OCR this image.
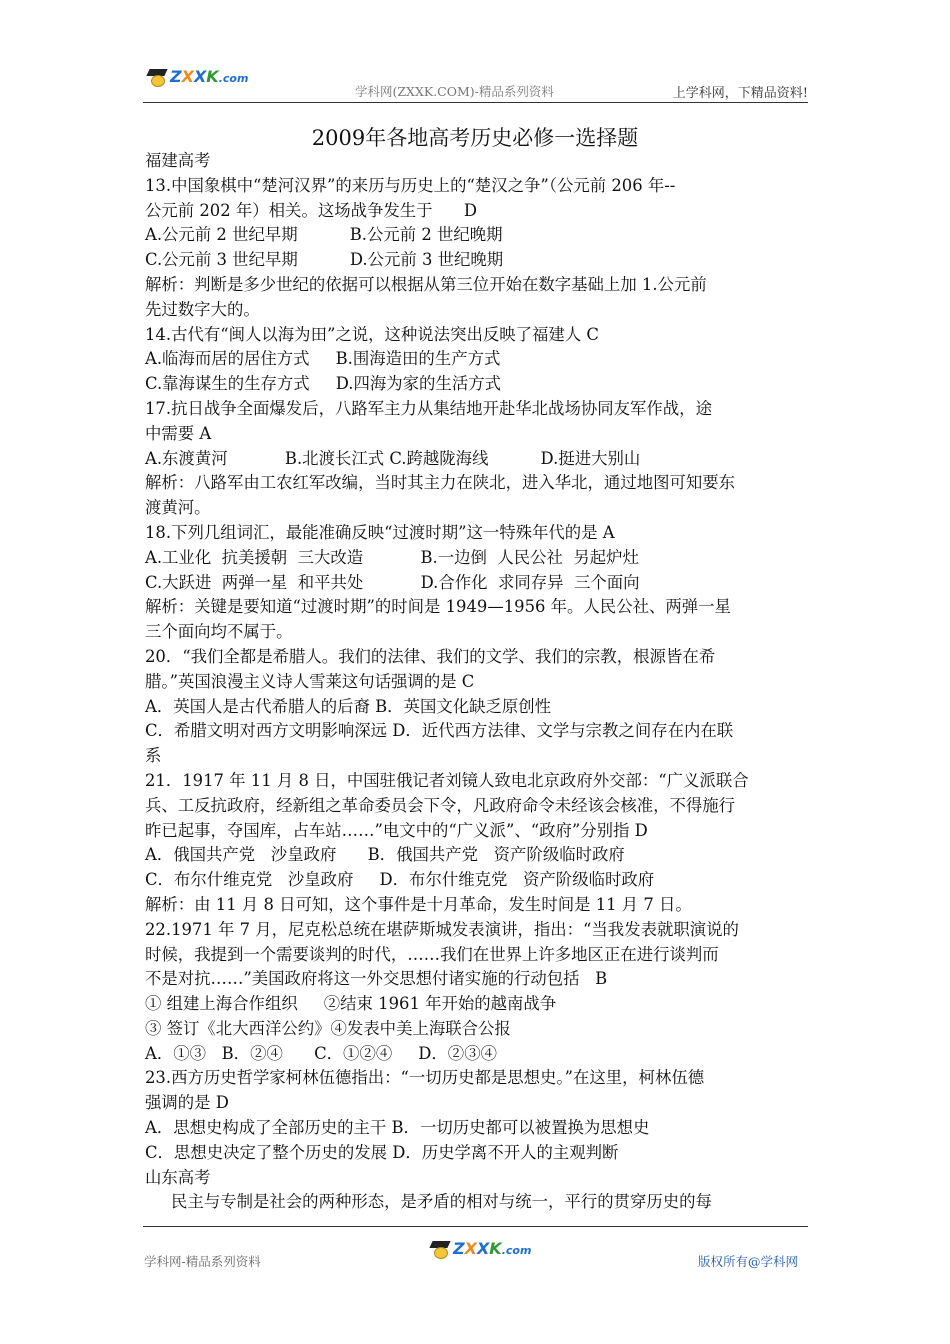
ZXXK.com
学科网(ZXXK.COM)-精品系列资料	上学科网，下精品资料!
2009年各地高考历史必修一选择题
福建高考
13.中国象棋中“楚河汉界”的来历与历史上的“楚汉之争”（公元前 206 年--
公元前 202 年）相关。这场战争发生于      D
A.公元前 2 世纪早期          B.公元前 2 世纪晚期
C.公元前 3 世纪早期          D.公元前 3 世纪晚期
解析：判断是多少世纪的依据可以根据从第三位开始在数字基础上加 1.公元前
先过数字大的。
14.古代有“闽人以海为田”之说，这种说法突出反映了福建人 C
A.临海而居的居住方式     B.围海造田的生产方式
C.靠海谋生的生存方式     D.四海为家的生活方式
17.抗日战争全面爆发后，八路军主力从集结地开赴华北战场协同友军作战，途
中需要 A
A.东渡黄河           B.北渡长江式 C.跨越陇海线          D.挺进大别山
解析：八路军由工农红军改编，当时其主力在陕北，进入华北，通过地图可知要东
渡黄河。
18.下列几组词汇，最能准确反映“过渡时期”这一特殊年代的是 A
A.工业化  抗美援朝  三大改造           B.一边倒  人民公社  另起炉灶
C.大跃进  两弹一星  和平共处           D.合作化  求同存异  三个面向
解析：关键是要知道“过渡时期”的时间是 1949—1956 年。人民公社、两弹一星
三个面向均不属于。
20．“我们全都是希腊人。我们的法律、我们的文学、我们的宗教，根源皆在希
腊。”英国浪漫主义诗人雪莱这句话强调的是 C
A．英国人是古代希腊人的后裔 B．英国文化缺乏原创性
C．希腊文明对西方文明影响深远 D．近代西方法律、文学与宗教之间存在内在联
系
21．1917 年 11 月 8 日，中国驻俄记者刘镜人致电北京政府外交部：“广义派联合
兵、工反抗政府，经新组之革命委员会下令，凡政府命令未经该会核准，不得施行
昨已起事，夺国库，占车站……”电文中的“广义派”、“政府”分别指 D
A．俄国共产党   沙皇政府      B．俄国共产党   资产阶级临时政府
C．布尔什维克党   沙皇政府     D．布尔什维克党   资产阶级临时政府
解析：由 11 月 8 日可知，这个事件是十月革命，发生时间是 11 月 7 日。
22.1971 年 7 月，尼克松总统在堪萨斯城发表演讲，指出：“当我发表就职演说的
时候，我提到一个需要谈判的时代，……我们在世界上许多地区正在进行谈判而
不是对抗……”美国政府将这一外交思想付诸实施的行动包括   B
① 组建上海合作组织     ②结束 1961 年开始的越南战争
③ 签订《北大西洋公约》④发表中美上海联合公报
A．①③   B．②④      C．①②④     D．②③④
23.西方历史哲学家柯林伍德指出：“一切历史都是思想史。”在这里，柯林伍德
强调的是 D
A．思想史构成了全部历史的主干 B．一切历史都可以被置换为思想史
C．思想史决定了整个历史的发展 D．历史学离不开人的主观判断
山东高考
民主与专制是社会的两种形态，是矛盾的相对与统一，平行的贯穿历史的每
学科网-精品系列资料
ZXXK.com
版权所有@学科网
